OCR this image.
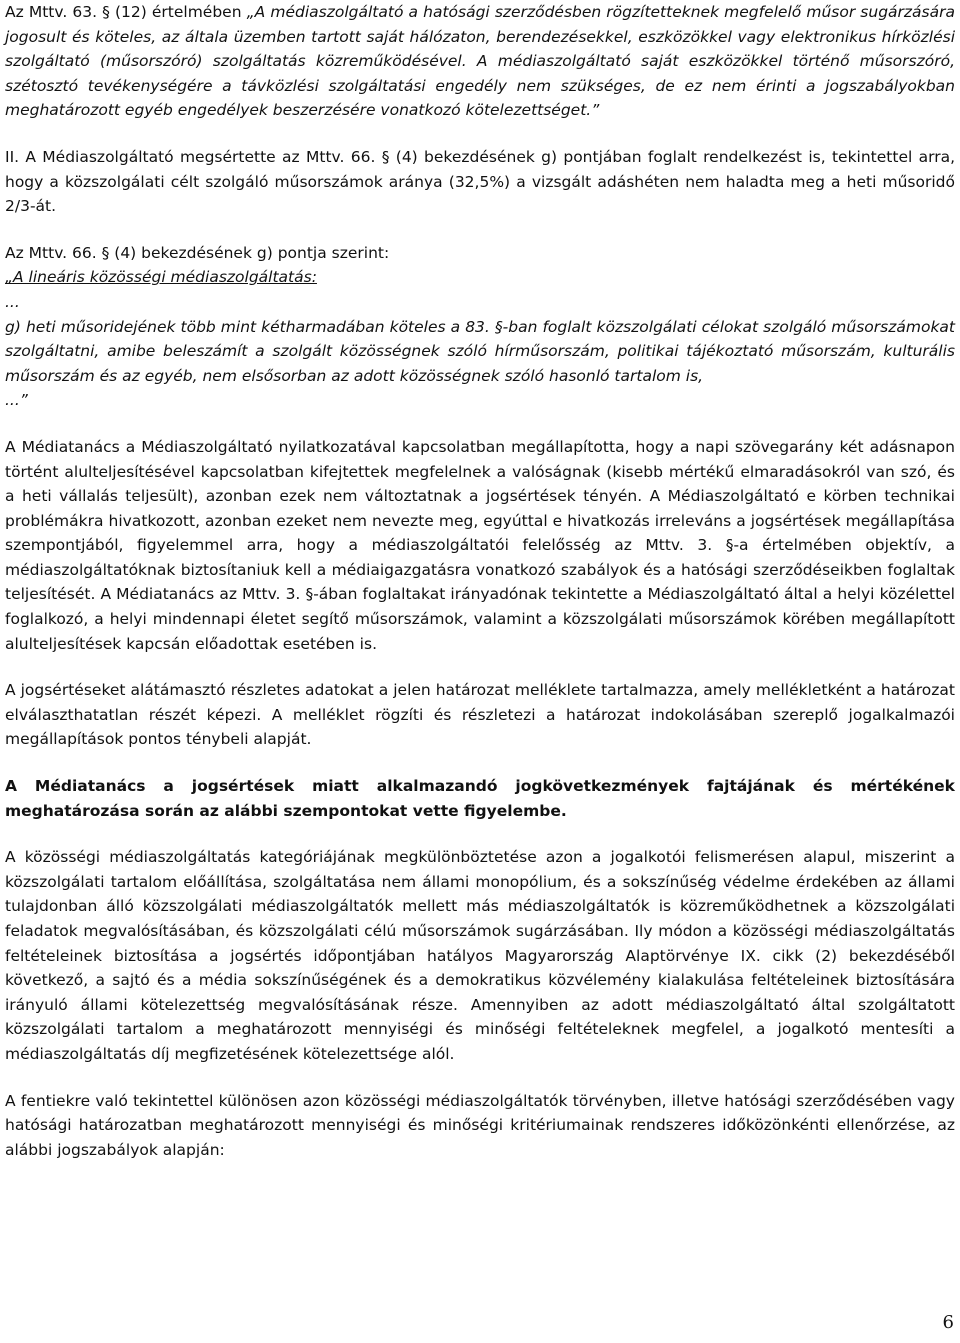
Az Mttv. 63. § (12) értelmében „A médiaszolgáltató a hatósági szerződésben rögzítetteknek megfelelő műsor sugárzására jogosult és köteles, az általa üzemben tartott saját hálózaton, berendezésekkel, eszközökkel vagy elektronikus hírközlési szolgáltató (műsorszóró) szolgáltatás közreműködésével. A médiaszolgáltató saját eszközökkel történő műsorszóró, szétosztó tevékenységére a távközlési szolgáltatási engedély nem szükséges, de ez nem érinti a jogszabályokban meghatározott egyéb engedélyek beszerzésére vonatkozó kötelezettséget.”

II. A Médiaszolgáltató megsértette az Mttv. 66. § (4) bekezdésének g) pontjában foglalt rendelkezést is, tekintettel arra, hogy a közszolgálati célt szolgáló műsorszámok aránya (32,5%) a vizsgált adáshéten nem haladta meg a heti műsoridő 2/3-át.

Az Mttv. 66. § (4) bekezdésének g) pontja szerint:

„A lineáris közösségi médiaszolgáltatás:

...

g) heti műsoridejének több mint kétharmadában köteles a 83. §-ban foglalt közszolgálati célokat szolgáló műsorszámokat szolgáltatni, amibe beleszámít a szolgált közösségnek szóló hírműsorszám, politikai tájékoztató műsorszám, kulturális műsorszám és az egyéb, nem elsősorban az adott közösségnek szóló hasonló tartalom is,

...”

A Médiatanács a Médiaszolgáltató nyilatkozatával kapcsolatban megállapította, hogy a napi szövegarány két adásnapon történt alulteljesítésével kapcsolatban kifejtettek megfelelnek a valóságnak (kisebb mértékű elmaradásokról van szó, és a heti vállalás teljesült), azonban ezek nem változtatnak a jogsértések tényén. A Médiaszolgáltató e körben technikai problémákra hivatkozott, azonban ezeket nem nevezte meg, egyúttal e hivatkozás irreleváns a jogsértések megállapítása szempontjából, figyelemmel arra, hogy a médiaszolgáltatói felelősség az Mttv. 3. §-a értelmében objektív, a médiaszolgáltatóknak biztosítaniuk kell a médiaigazgatásra vonatkozó szabályok és a hatósági szerződéseikben foglaltak teljesítését. A Médiatanács az Mttv. 3. §-ában foglaltakat irányadónak tekintette a Médiaszolgáltató által a helyi közélettel foglalkozó, a helyi mindennapi életet segítő műsorszámok, valamint a közszolgálati műsorszámok körében megállapított alulteljesítések kapcsán előadottak esetében is.

A jogsértéseket alátámasztó részletes adatokat a jelen határozat melléklete tartalmazza, amely mellékletként a határozat elválaszthatatlan részét képezi. A melléklet rögzíti és részletezi a határozat indokolásában szereplő jogalkalmazói megállapítások pontos ténybeli alapját.

A Médiatanács a jogsértések miatt alkalmazandó jogkövetkezmények fajtájának és mértékének meghatározása során az alábbi szempontokat vette figyelembe.

A közösségi médiaszolgáltatás kategóriájának megkülönböztetése azon a jogalkotói felismerésen alapul, miszerint a közszolgálati tartalom előállítása, szolgáltatása nem állami monopólium, és a sokszínűség védelme érdekében az állami tulajdonban álló közszolgálati médiaszolgáltatók mellett más médiaszolgáltatók is közreműködhetnek a közszolgálati feladatok megvalósításában, és közszolgálati célú műsorszámok sugárzásában. Ily módon a közösségi médiaszolgáltatás feltételeinek biztosítása a jogsértés időpontjában hatályos Magyarország Alaptörvénye IX. cikk (2) bekezdéséből következő, a sajtó és a média sokszínűségének és a demokratikus közvélemény kialakulása feltételeinek biztosítására irányuló állami kötelezettség megvalósításának része. Amennyiben az adott médiaszolgáltató által szolgáltatott közszolgálati tartalom a meghatározott mennyiségi és minőségi feltételeknek megfelel, a jogalkotó mentesíti a médiaszolgáltatás díj megfizetésének kötelezettsége alól.

A fentiekre való tekintettel különösen azon közösségi médiaszolgáltatók törvényben, illetve hatósági szerződésében vagy hatósági határozatban meghatározott mennyiségi és minőségi kritériumainak rendszeres időközönkénti ellenőrzése, az alábbi jogszabályok alapján:

6
